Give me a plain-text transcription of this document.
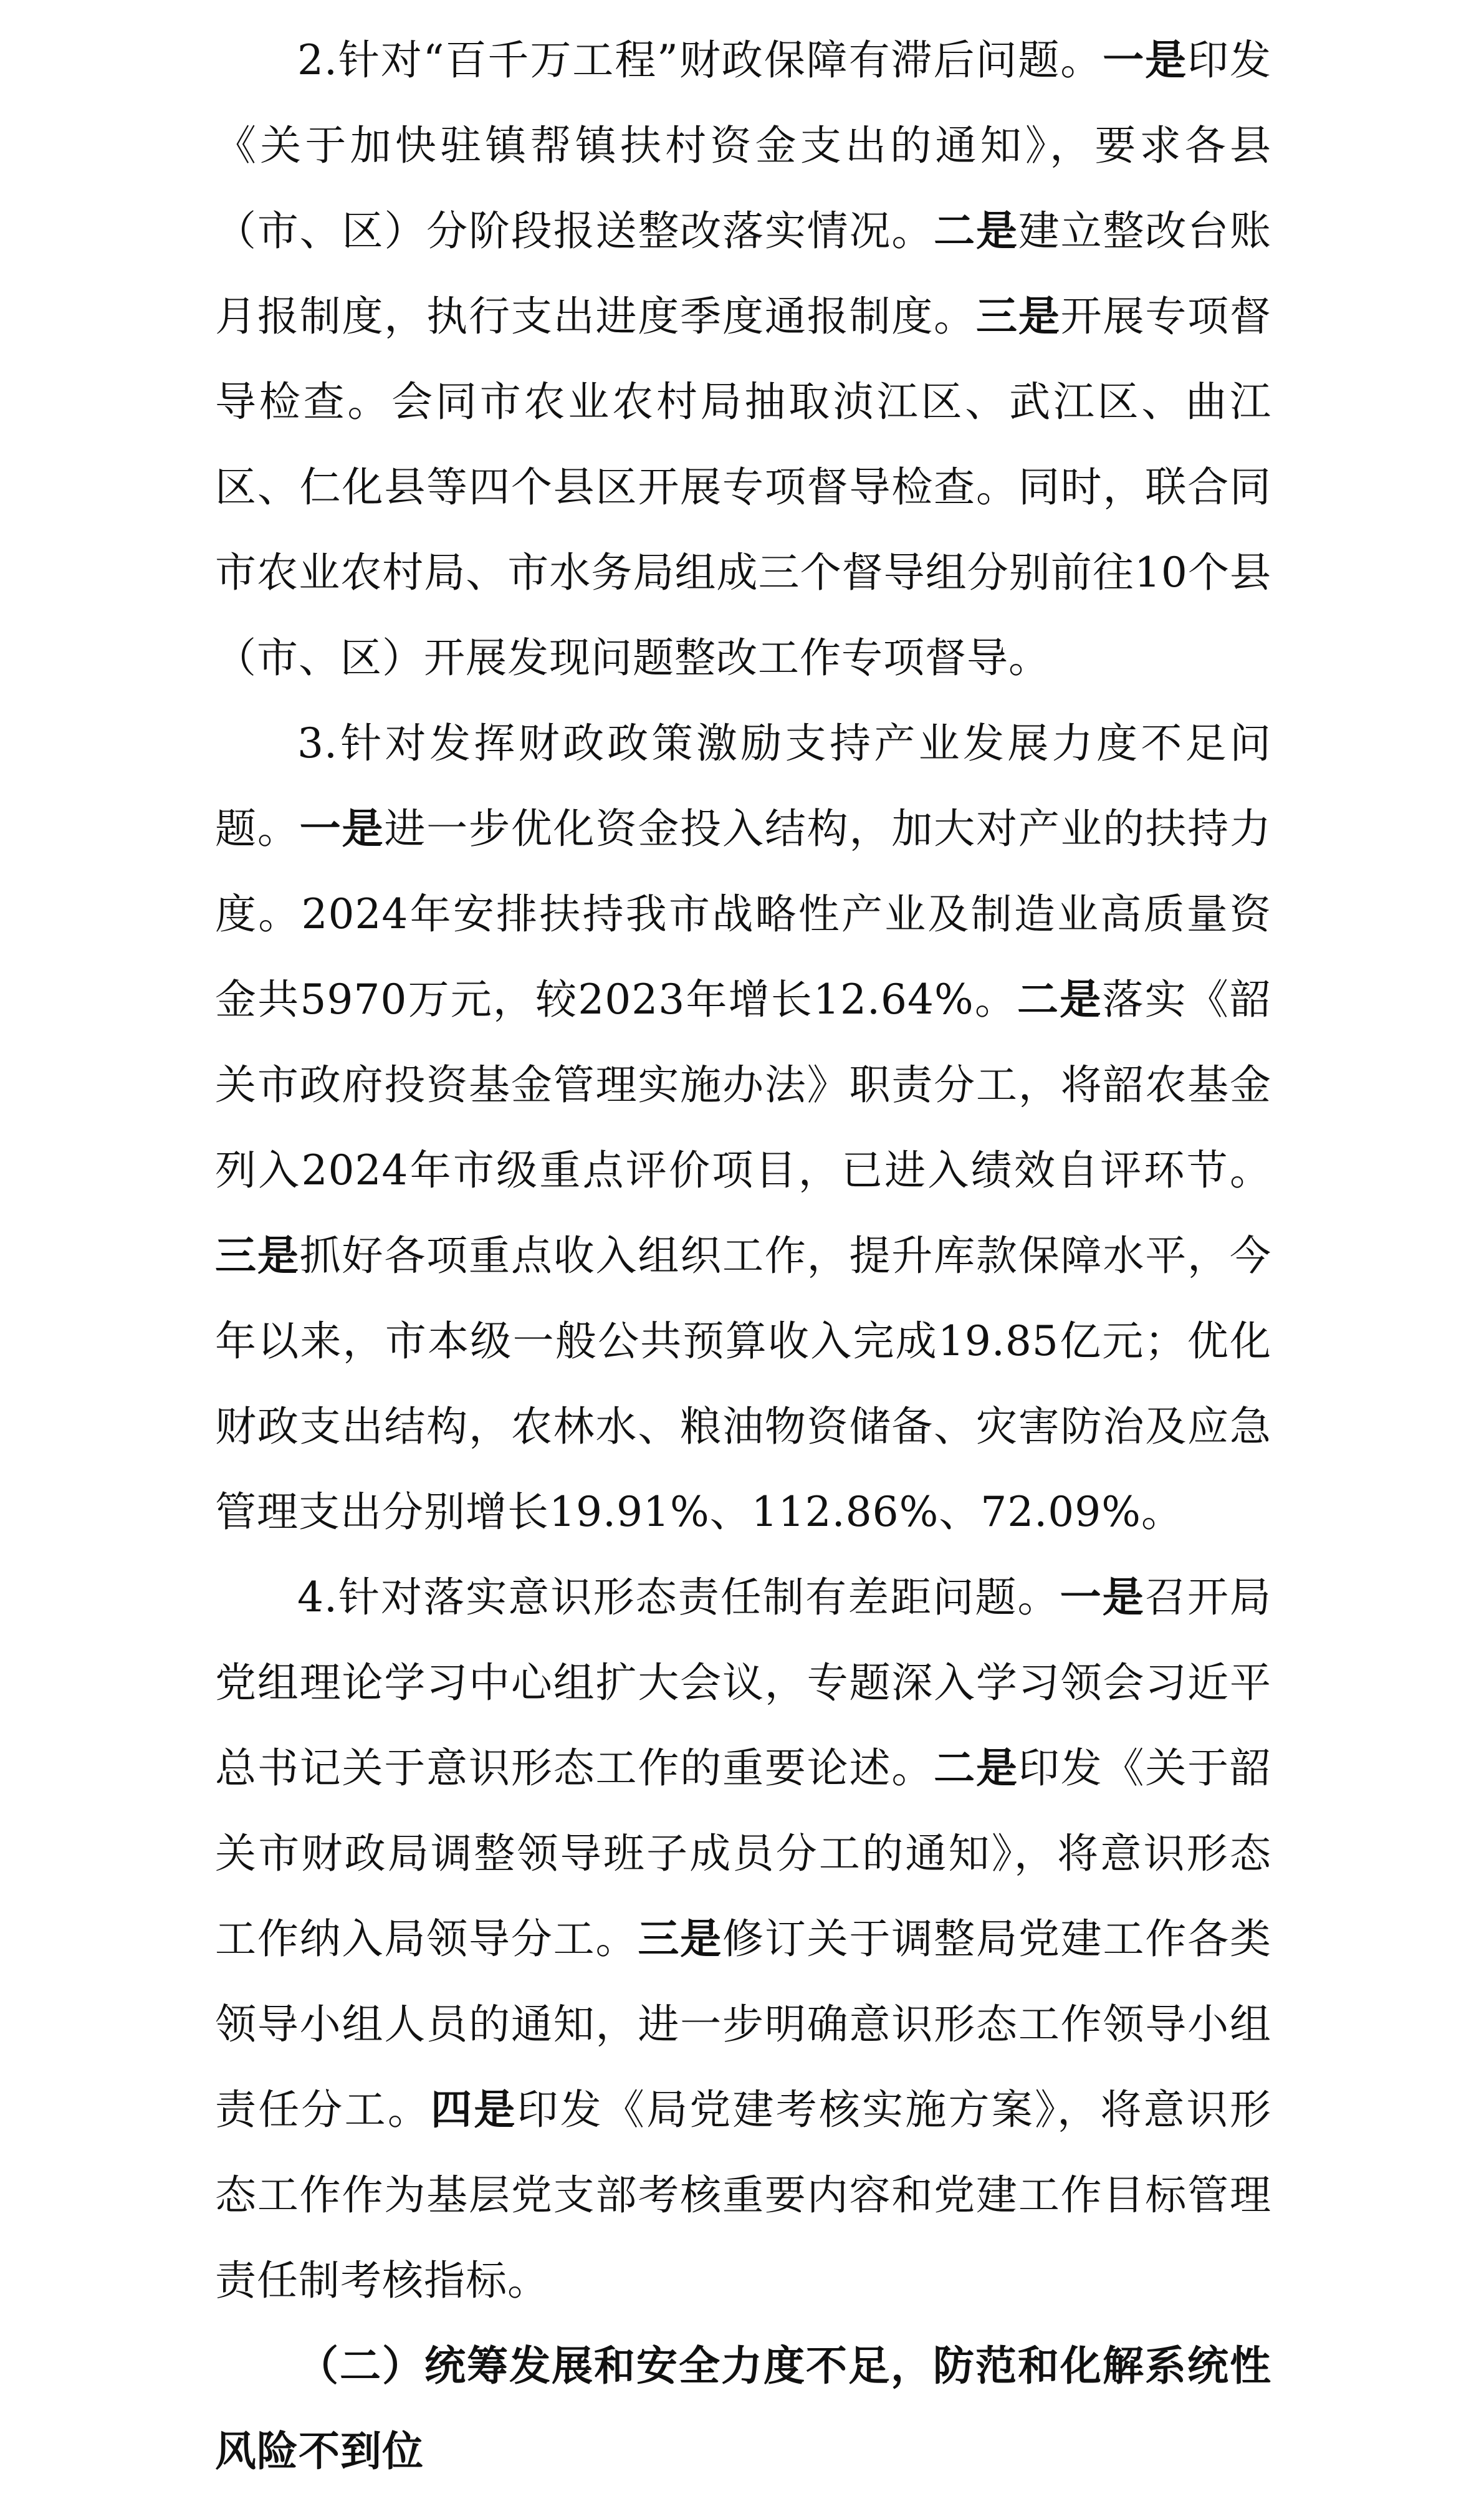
2.针对“百千万工程”财政保障有滞后问题。一是印发《关于加快驻镇帮镇扶村资金支出的通知》，要求各县（市、区）分阶段报送整改落实情况。二是建立整改台账月报制度，执行支出进度季度通报制度。三是开展专项督导检查。会同市农业农村局抽取浈江区、武江区、曲江区、仁化县等四个县区开展专项督导检查。同时，联合同市农业农村局、市水务局组成三个督导组分别前往10个县（市、区）开展发现问题整改工作专项督导。

3.针对发挥财政政策激励支持产业发展力度不足问题。一是进一步优化资金投入结构，加大对产业的扶持力度。2024年安排扶持我市战略性产业及制造业高质量资金共5970万元，较2023年增长12.64%。二是落实《韶关市政府投资基金管理实施办法》职责分工，将韶农基金列入2024年市级重点评价项目，已进入绩效自评环节。三是抓好各项重点收入组织工作，提升库款保障水平，今年以来，市本级一般公共预算收入完成19.85亿元；优化财政支出结构，农林水、粮油物资储备、灾害防治及应急管理支出分别增长19.91%、112.86%、72.09%。

4.针对落实意识形态责任制有差距问题。一是召开局党组理论学习中心组扩大会议，专题深入学习领会习近平总书记关于意识形态工作的重要论述。二是印发《关于韶关市财政局调整领导班子成员分工的通知》，将意识形态工作纳入局领导分工。三是修订关于调整局党建工作各类领导小组人员的通知，进一步明确意识形态工作领导小组责任分工。四是印发《局党建考核实施方案》，将意识形态工作作为基层党支部考核重要内容和党建工作目标管理责任制考核指标。

（二）统筹发展和安全力度不足，防范和化解系统性风险不到位
